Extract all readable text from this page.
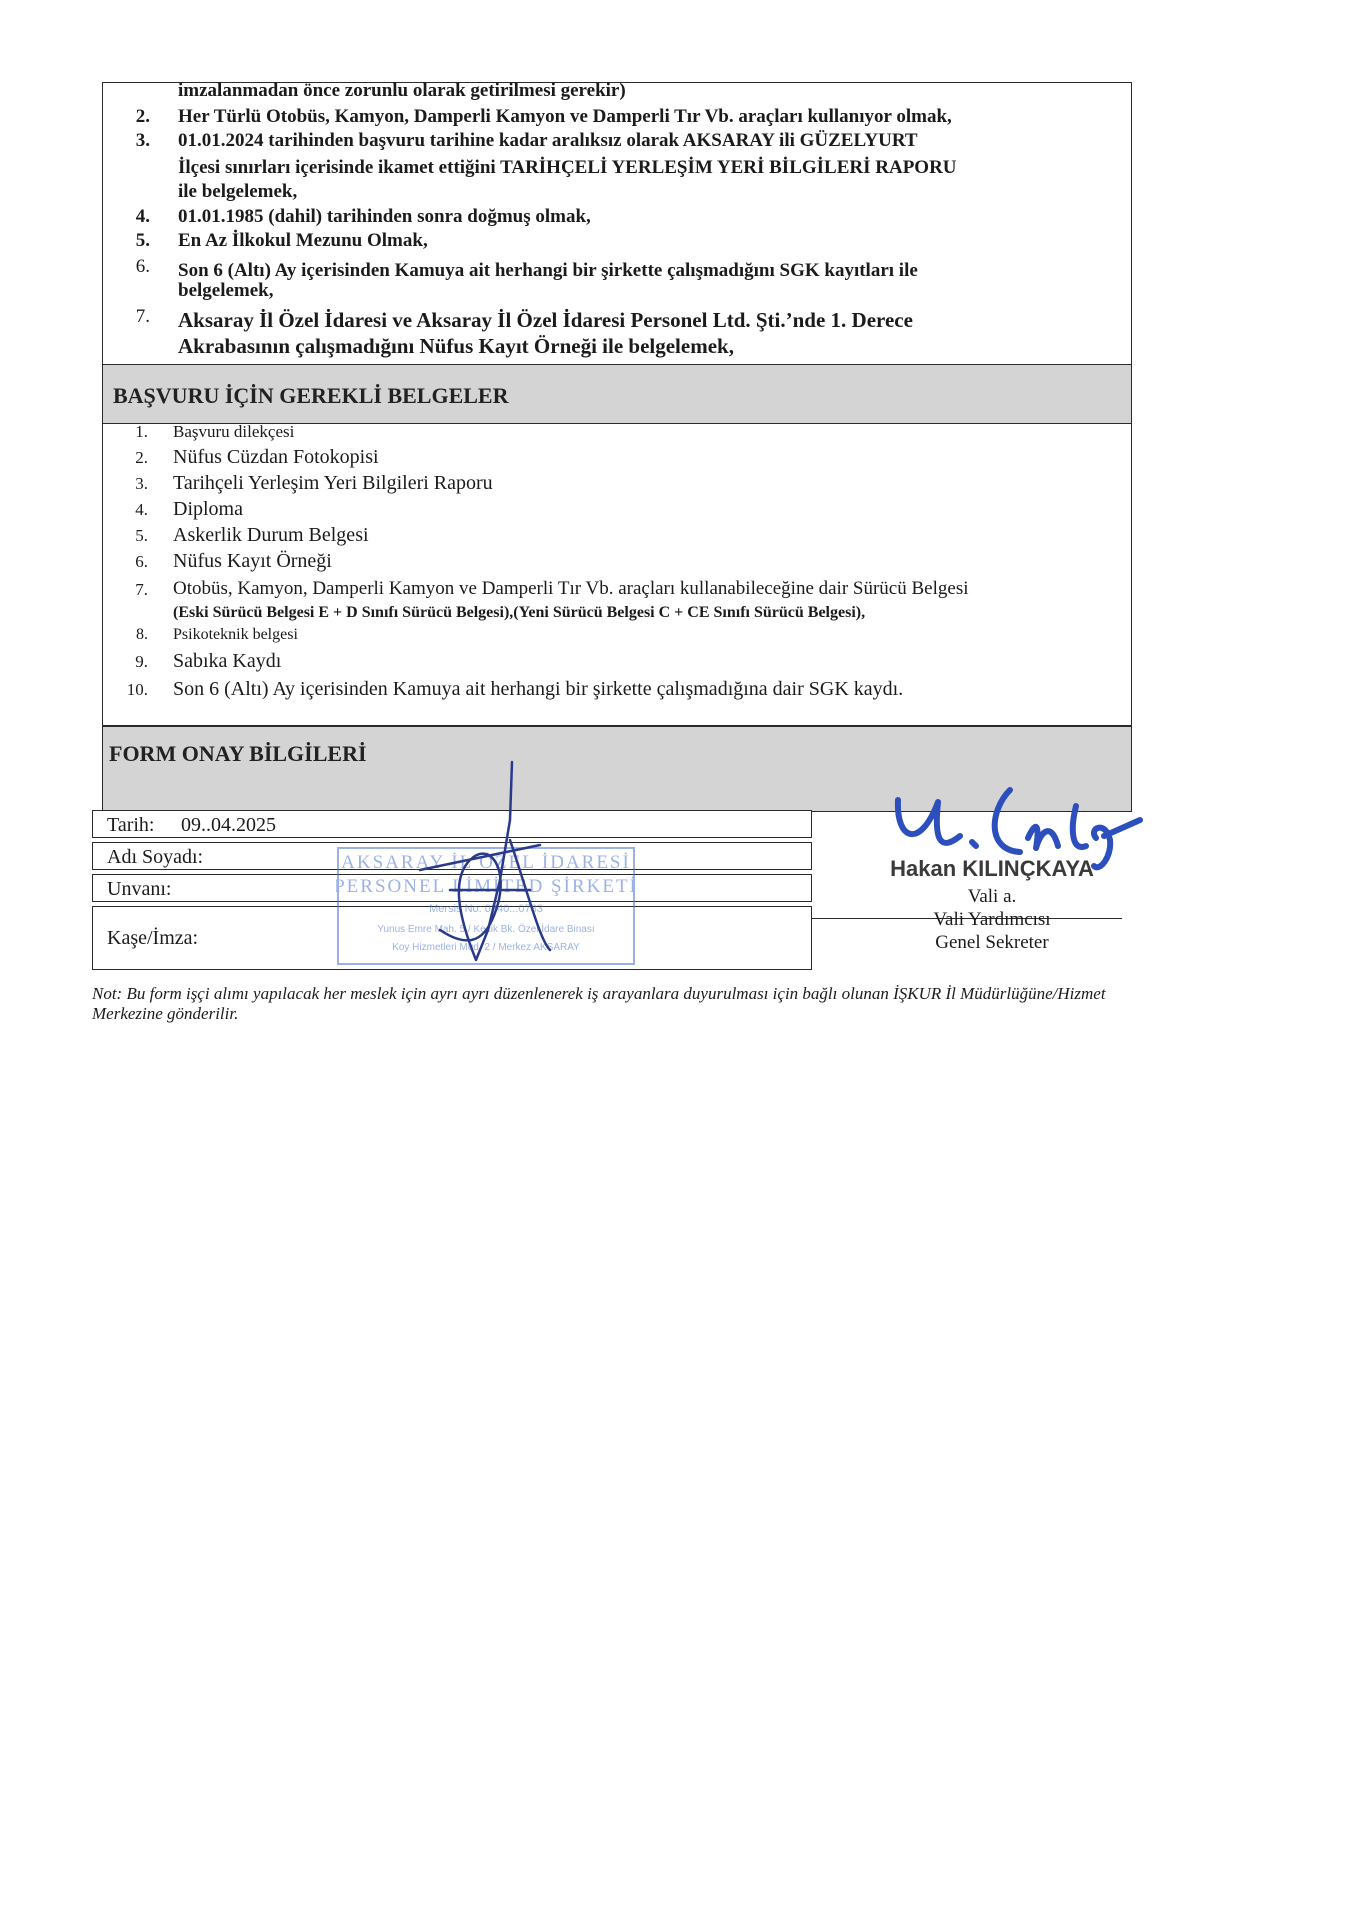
imzalanmadan önce zorunlu olarak getirilmesi gerekir)
2. Her Türlü Otobüs, Kamyon, Damperli Kamyon ve Damperli Tır Vb. araçları kullanıyor olmak,
3. 01.01.2024 tarihinden başvuru tarihine kadar aralıksız olarak AKSARAY ili GÜZELYURT
İlçesi sınırları içerisinde ikamet ettiğini TARİHÇELİ YERLEŞİM YERİ BİLGİLERİ RAPORU
ile belgelemek,
4. 01.01.1985 (dahil) tarihinden sonra doğmuş olmak,
5. En Az İlkokul Mezunu Olmak,
6. Son 6 (Altı) Ay içerisinden Kamuya ait herhangi bir şirkette çalışmadığını SGK kayıtları ile
belgelemek,
7. Aksaray İl Özel İdaresi ve Aksaray İl Özel İdaresi Personel Ltd. Şti.’nde 1. Derece
Akrabasının çalışmadığını Nüfus Kayıt Örneği ile belgelemek,
BAŞVURU İÇİN GEREKLİ BELGELER
1. Başvuru dilekçesi
2. Nüfus Cüzdan Fotokopisi
3. Tarihçeli Yerleşim Yeri Bilgileri Raporu
4. Diploma
5. Askerlik Durum Belgesi
6. Nüfus Kayıt Örneği
7. Otobüs, Kamyon, Damperli Kamyon ve Damperli Tır Vb. araçları kullanabileceğine dair Sürücü Belgesi
(Eski Sürücü Belgesi E + D Sınıfı Sürücü Belgesi),(Yeni Sürücü Belgesi C + CE Sınıfı Sürücü Belgesi),
8. Psikoteknik belgesi
9. Sabıka Kaydı
10. Son 6 (Altı) Ay içerisinden Kamuya ait herhangi bir şirkette çalışmadığına dair SGK kaydı.
FORM ONAY BİLGİLERİ
Tarih: 09..04.2025
Adı Soyadı:
Unvanı:
Kaşe/İmza:
AKSARAY İL ÖZEL İDARESİ
PERSONEL LİMİTED ŞİRKETİ
Mersis No: 0340...0733
Yunus Emre Mah. 5 / Kecik Bk. Özel İdare Binası
Koy Hizmetleri Mud. 2 / Merkez AKSARAY
Hakan KILINÇKAYA
Vali a.
Vali Yardımcısı
Genel Sekreter
Not: Bu form işçi alımı yapılacak her meslek için ayrı ayrı düzenlenerek iş arayanlara duyurulması için bağlı olunan İŞKUR İl Müdürlüğüne/Hizmet Merkezine gönderilir.
